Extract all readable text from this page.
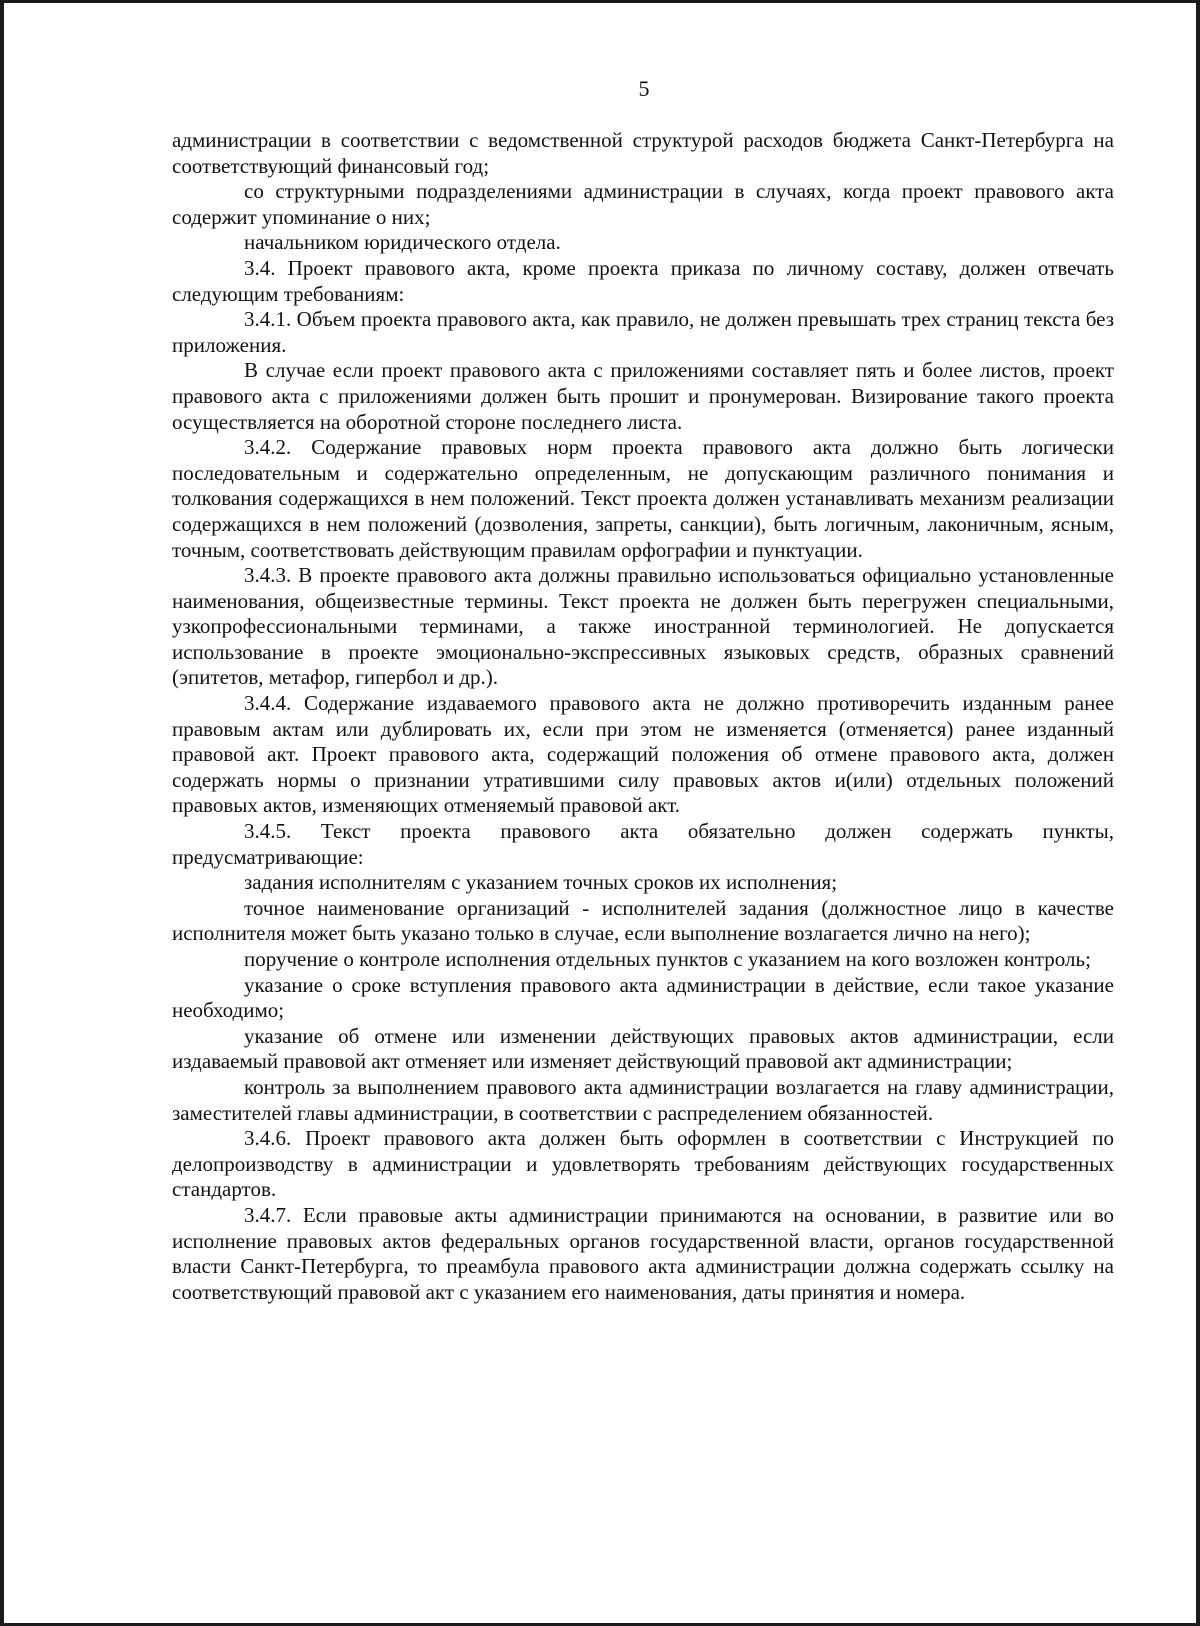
5

администрации в соответствии с ведомственной структурой расходов бюджета Санкт-Петербурга на соответствующий финансовый год;

со структурными подразделениями администрации в случаях, когда проект правового акта содержит упоминание о них;

начальником юридического отдела.

3.4. Проект правового акта, кроме проекта приказа по личному составу, должен отвечать следующим требованиям:

3.4.1. Объем проекта правового акта, как правило, не должен превышать трех страниц текста без приложения.

В случае если проект правового акта с приложениями составляет пять и более листов, проект правового акта с приложениями должен быть прошит и пронумерован. Визирование такого проекта осуществляется на оборотной стороне последнего листа.

3.4.2. Содержание правовых норм проекта правового акта должно быть логически последовательным и содержательно определенным, не допускающим различного понимания и толкования содержащихся в нем положений. Текст проекта должен устанавливать механизм реализации содержащихся в нем положений (дозволения, запреты, санкции), быть логичным, лаконичным, ясным, точным, соответствовать действующим правилам орфографии и пунктуации.

3.4.3. В проекте правового акта должны правильно использоваться официально установленные наименования, общеизвестные термины. Текст проекта не должен быть перегружен специальными, узкопрофессиональными терминами, а также иностранной терминологией. Не допускается использование в проекте эмоционально-экспрессивных языковых средств, образных сравнений (эпитетов, метафор, гипербол и др.).

3.4.4. Содержание издаваемого правового акта не должно противоречить изданным ранее правовым актам или дублировать их, если при этом не изменяется (отменяется) ранее изданный правовой акт. Проект правового акта, содержащий положения об отмене правового акта, должен содержать нормы о признании утратившими силу правовых актов и(или) отдельных положений правовых актов, изменяющих отменяемый правовой акт.

3.4.5. Текст проекта правового акта обязательно должен содержать пункты, предусматривающие:

задания исполнителям с указанием точных сроков их исполнения;

точное наименование организаций - исполнителей задания (должностное лицо в качестве исполнителя может быть указано только в случае, если выполнение возлагается лично на него);

поручение о контроле исполнения отдельных пунктов с указанием на кого возложен контроль;

указание о сроке вступления правового акта администрации в действие, если такое указание необходимо;

указание об отмене или изменении действующих правовых актов администрации, если издаваемый правовой акт отменяет или изменяет действующий правовой акт администрации;

контроль за выполнением правового акта администрации возлагается на главу администрации, заместителей главы администрации, в соответствии с распределением обязанностей.

3.4.6. Проект правового акта должен быть оформлен в соответствии с Инструкцией по делопроизводству в администрации и удовлетворять требованиям действующих государственных стандартов.

3.4.7. Если правовые акты администрации принимаются на основании, в развитие или во исполнение правовых актов федеральных органов государственной власти, органов государственной власти Санкт-Петербурга, то преамбула правового акта администрации должна содержать ссылку на соответствующий правовой акт с указанием его наименования, даты принятия и номера.
